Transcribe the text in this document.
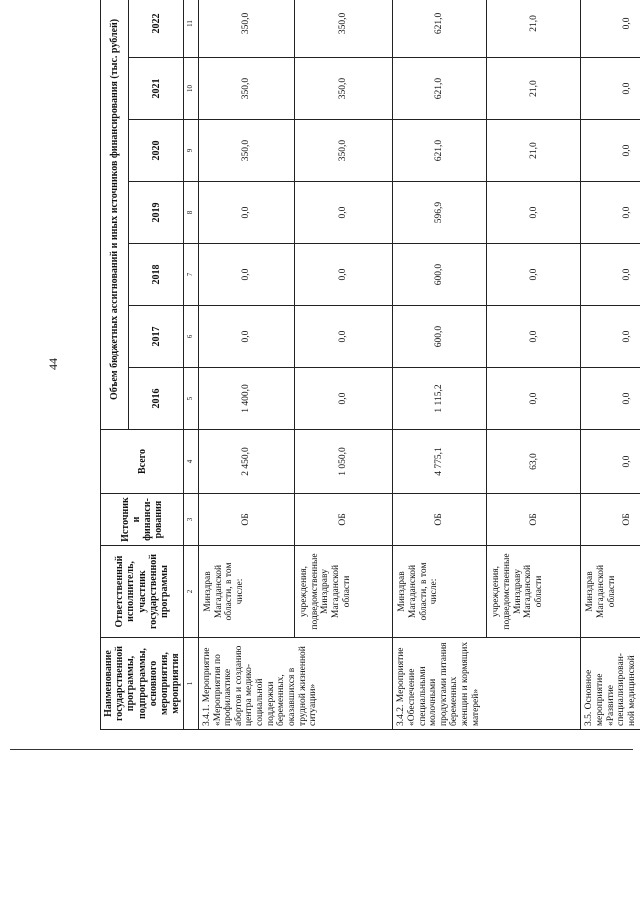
44
Наименование государственной программы, подпрограммы, основного мероприятия, мероприятия	Ответственный исполнитель, участник государственной программы	Источники финанси-рования	Всего	Объем бюджетных ассигнований и иных источников финансирования (тыс. рублей)						
				2016	2017	2018	2019	2020	2021	2022
1	2	3	4	5	6	7	8	9	10	11
3.4.1. Мероприятие «Мероприятия по профилактике абортов и созданию центра медико-социальной поддержки беременных, оказавшихся в трудной жизненной ситуации»	Минздрав Магаданской области, в том числе:	ОБ	2 450,0	1 400,0	0,0	0,0	0,0	350,0	350,0	350,0
	учреждения, подведомственные Минздраву Магаданской области	ОБ	1 050,0	0,0	0,0	0,0	0,0	350,0	350,0	350,0
3.4.2. Мероприятие «Обеспечение специальными молочными продуктами питания беременных женщин и кормящих матерей»	Минздрав Магаданской области, в том числе:	ОБ	4 775,1	1 115,2	600,0	600,0	596,9	621,0	621,0	621,0
	учреждения, подведомственные Минздраву Магаданской области	ОБ	63,0	0,0	0,0	0,0	0,0	21,0	21,0	21,0
3.5. Основное мероприятие «Развитие специализирован-ной медицинской	Минздрав Магаданской области	ОБ	0,0	0,0	0,0	0,0	0,0	0,0	0,0	0,0
